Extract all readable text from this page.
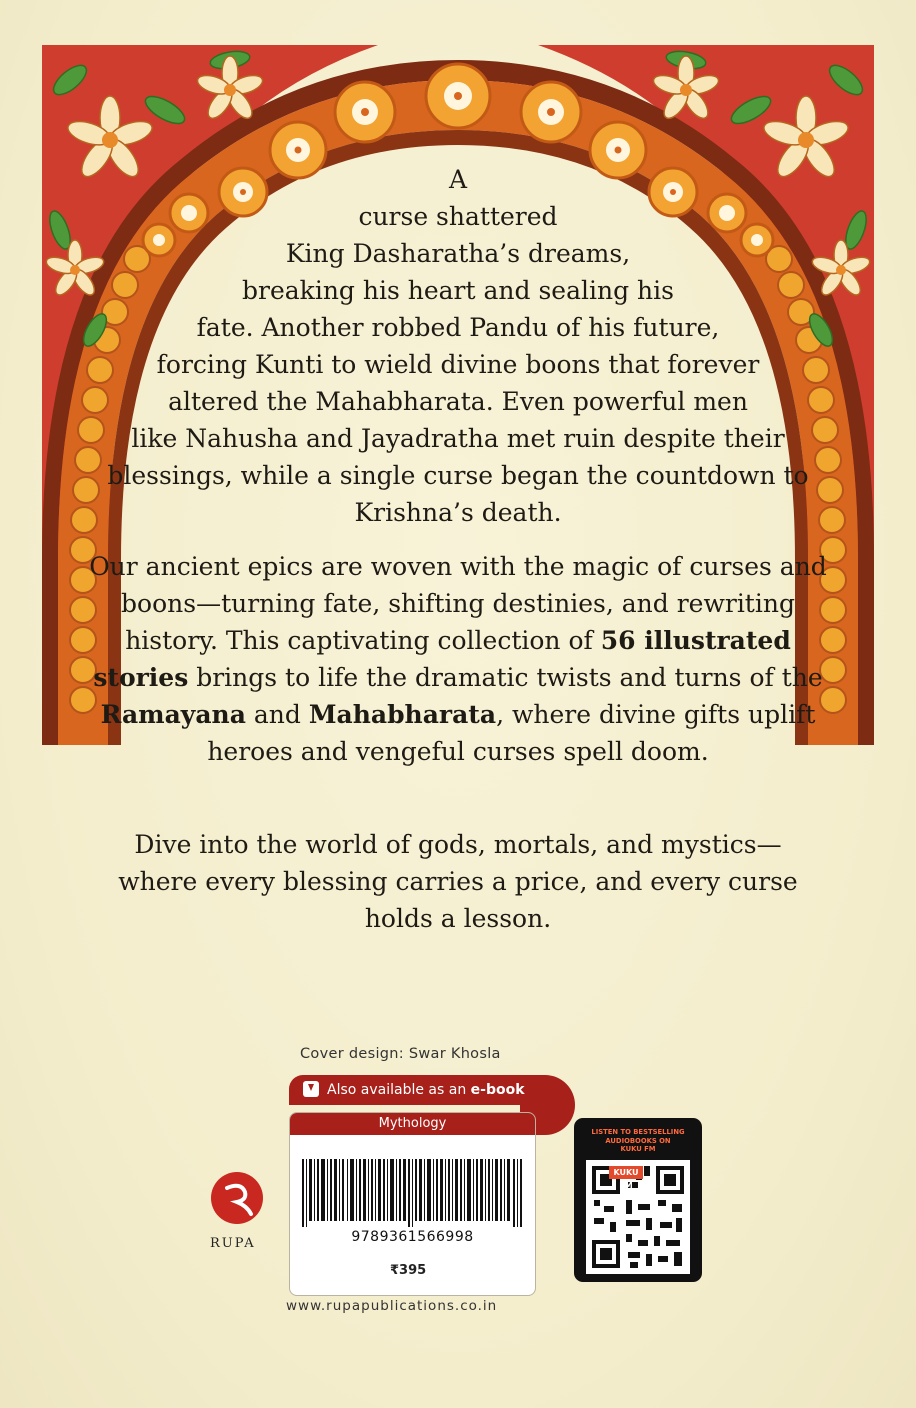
A
curse shattered
King Dasharatha’s dreams,
breaking his heart and sealing his
fate. Another robbed Pandu of his future,
forcing Kunti to wield divine boons that forever
altered the Mahabharata. Even powerful men
like Nahusha and Jayadratha met ruin despite their
blessings, while a single curse began the countdown to
Krishna’s death.
Our ancient epics are woven with the magic of curses and
boons—turning fate, shifting destinies, and rewriting
history. This captivating collection of 56 illustrated
stories brings to life the dramatic twists and turns of the
Ramayana and Mahabharata, where divine gifts uplift
heroes and vengeful curses spell doom.
Dive into the world of gods, mortals, and mystics—
where every blessing carries a price, and every curse
holds a lesson.
Cover design: Swar Khosla
Also available as an e-book
Mythology
9789361566998
₹395
www.rupapublications.co.in
RUPA
LISTEN TO BESTSELLING
AUDIOBOOKS ON
KUKU FM
KUKU FM
